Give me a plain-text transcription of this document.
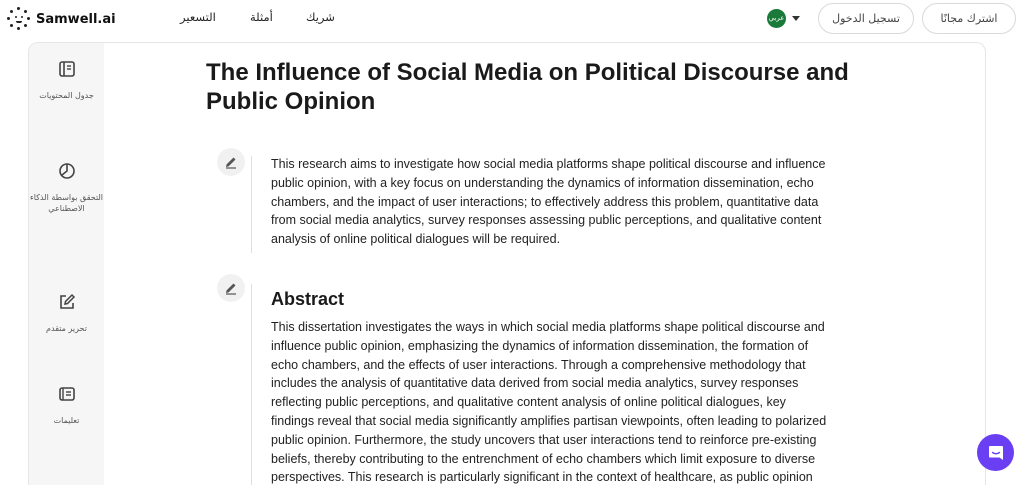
Samwell.ai	التسعير	أمثلة	شريك	عربي	تسجيل الدخول	اشترك مجانًا
جدول المحتويات
التحقق بواسطة الذكاء الاصطناعي
تحرير متقدم
تعليمات
The Influence of Social Media on Political Discourse and
Public Opinion
This research aims to investigate how social media platforms shape political discourse and influence
public opinion, with a key focus on understanding the dynamics of information dissemination, echo
chambers, and the impact of user interactions; to effectively address this problem, quantitative data
from social media analytics, survey responses assessing public perceptions, and qualitative content
analysis of online political dialogues will be required.
Abstract
This dissertation investigates the ways in which social media platforms shape political discourse and
influence public opinion, emphasizing the dynamics of information dissemination, the formation of
echo chambers, and the effects of user interactions. Through a comprehensive methodology that
includes the analysis of quantitative data derived from social media analytics, survey responses
reflecting public perceptions, and qualitative content analysis of online political dialogues, key
findings reveal that social media significantly amplifies partisan viewpoints, often leading to polarized
public opinion. Furthermore, the study uncovers that user interactions tend to reinforce pre-existing
beliefs, thereby contributing to the entrenchment of echo chambers which limit exposure to diverse
perspectives. This research is particularly significant in the context of healthcare, as public opinion
